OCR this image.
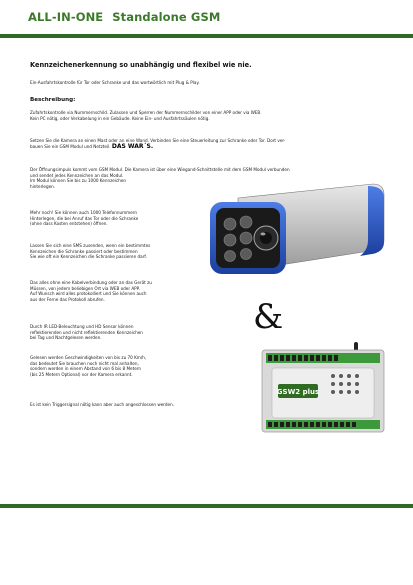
ALL-IN-ONE Standalone GSM
Kennzeichenerkennung so unabhängig und flexibel wie nie.
Ein-Ausfahrtskontrolle für Tor oder Schranke und das wortwörtlich mit Plug & Play.
Beschreibung:
Zufahrtskontrolle via Nummernschild. Zulassen und Sperren der Nummernschilder von einer APP oder via WEB.
Kein PC nötig, oder Verkabelung in ein Gebäude. Keine Ein- und Ausfahrtssäulen nötig.
Setzen Sie die Kamera an einen Mast oder an eine Wand. Verbinden Sie eine Steuerleitung zur Schranke oder Tor. Dort ver-
bauen Sie ein GSM Modul und Netzteil. DAS WAR´S.
Der Öffnungsimpuls kommt vom GSM Modul. Die Kamera ist über eine Wiegand-Schnittstelle mit dem GSM Modul verbunden
und sendet jedes Kennzeichen an das Modul.
Im Modul können Sie bis zu 1000 Kennzeichen
hinterlegen.
Mehr noch! Sie können auch 1000 Telefonnummern
Hinterlegen, die bei Anruf das Tor oder die Schranke
(ohne dass Kosten entstehen) öffnen.
Lassen Sie sich eine SMS zusenden, wenn ein bestimmtes
Kennzeichen die Schranke passiert oder bestimmen
Sie wie oft ein Kennzeichen die Schranke passieren darf.
Das alles ohne eine Kabelverbindung oder an das Gerät zu
Müssen, von jedem beliebigen Ort via WEB oder APP.
Auf Wunsch wird alles protokolliert und Sie können auch
aus der Ferne das Protokoll abrufen.
Durch IR LED-Beleuchtung und HD Sensor können
reflektierenden und nicht reflektierenden Kennzeichen
bei Tag und Nachtgelesen werden.
Gelesen werden Geschwindigkeiten von bis zu 70 Km/h,
das bedeutet Sie brauchen noch nicht mal anhalten,
sondern werden in einem Abstand von 6 bis 8 Metern
(bis 25 Metern Optional) vor der Kamera erkannt.
Es ist kein Triggersignal nötig kann aber auch angeschlossen werden.
&
GSW2 plus
